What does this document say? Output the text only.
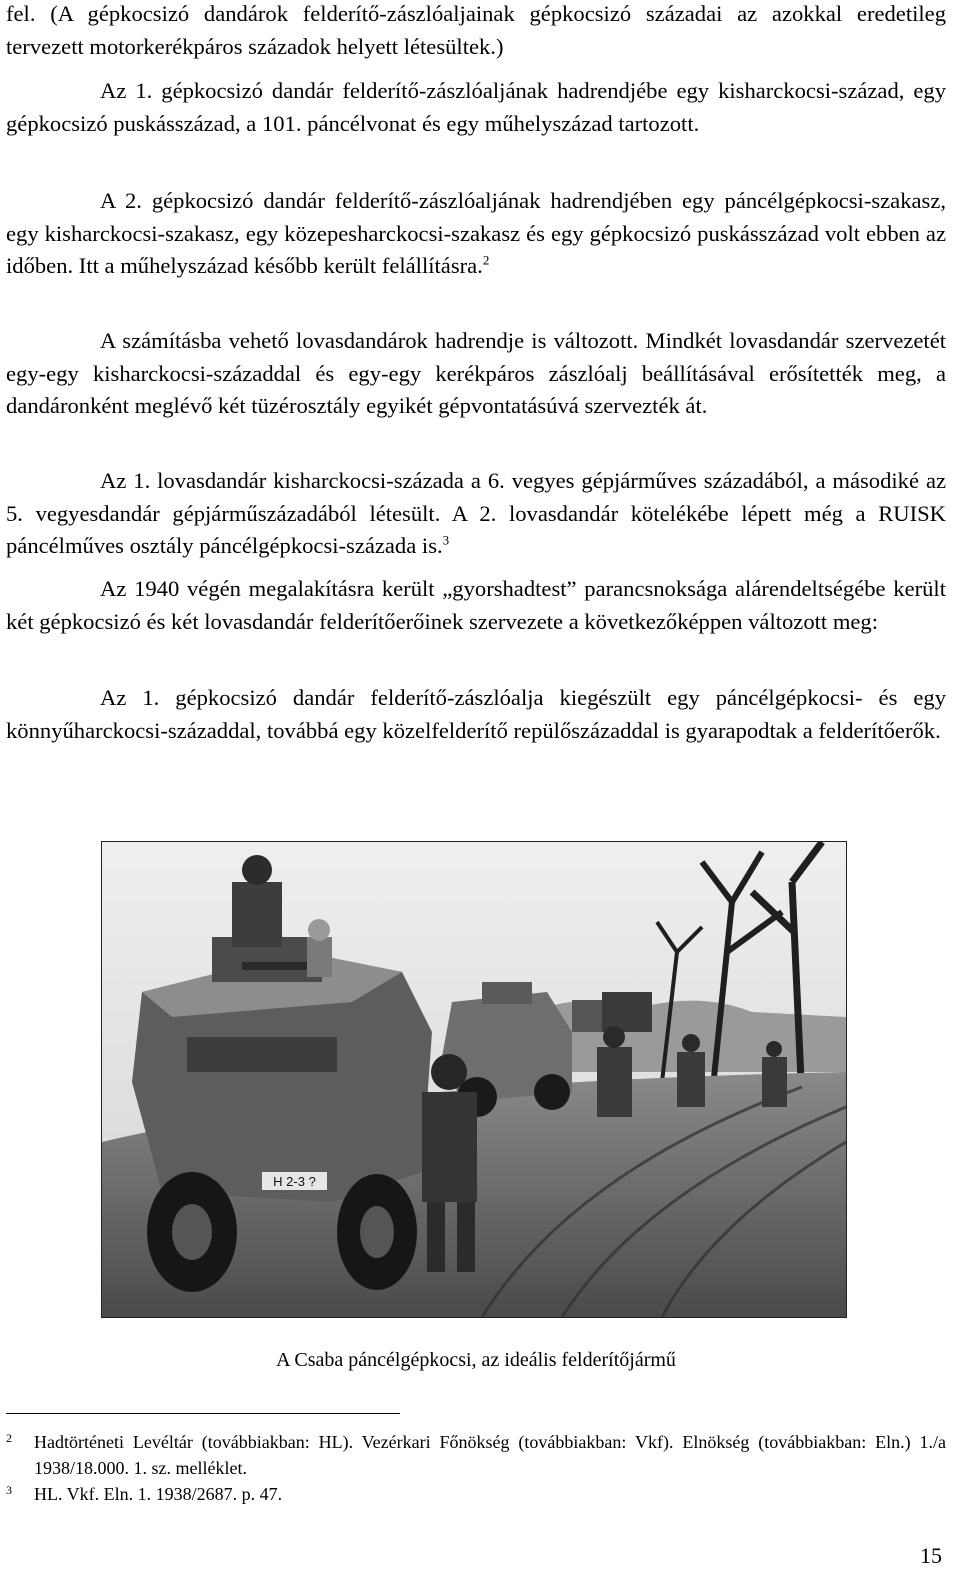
fel. (A gépkocsizó dandárok felderítő-zászlóaljainak gépkocsizó századai az azokkal eredetileg tervezett motorkerékpáros századok helyett létesültek.)

Az 1. gépkocsizó dandár felderítő-zászlóaljának hadrendjébe egy kisharckocsi-század, egy gépkocsizó puskásszázad, a 101. páncélvonat és egy műhelyszázad tartozott.

A 2. gépkocsizó dandár felderítő-zászlóaljának hadrendjében egy páncélgépkocsi-szakasz, egy kisharckocsi-szakasz, egy közepesharckocsi-szakasz és egy gépkocsizó puskásszázad volt ebben az időben. Itt a műhelyszázad később került felállításra.$^2$

A számításba vehető lovasdandárok hadrendje is változott. Mindkét lovasdandár szervezetét egy-egy kisharckocsi-századdal és egy-egy kerékpáros zászlóalj beállításával erősítették meg, a dandáronként meglévő két tüzérosztály egyikét gépvontatásúvá szervezték át.

Az 1. lovasdandár kisharckocsi-százada a 6. vegyes gépjárműves századából, a másodiké az 5. vegyesdandár gépjárműszázadából létesült. A 2. lovasdandár kötelékébe lépett még a RUISK páncélműves osztály páncélgépkocsi-százada is.$^3$

Az 1940 végén megalakításra került „gyorshadtest” parancsnoksága alárendeltségébe került két gépkocsizó és két lovasdandár felderítőerőinek szervezete a következőképpen változott meg:

Az 1. gépkocsizó dandár felderítő-zászlóalja kiegészült egy páncélgépkocsi- és egy könnyűharckocsi-századdal, továbbá egy közelfelderítő repülőszázaddal is gyarapodtak a felderítőerők.

H 2-3 ?
A Csaba páncélgépkocsi, az ideális felderítőjármű
2 Hadtörténeti Levéltár (továbbiakban: HL). Vezérkari Főnökség (továbbiakban: Vkf). Elnökség (továbbiakban: Eln.) 1./a 1938/18.000. 1. sz. melléklet.
3 HL. Vkf. Eln. 1. 1938/2687. p. 47.
15
